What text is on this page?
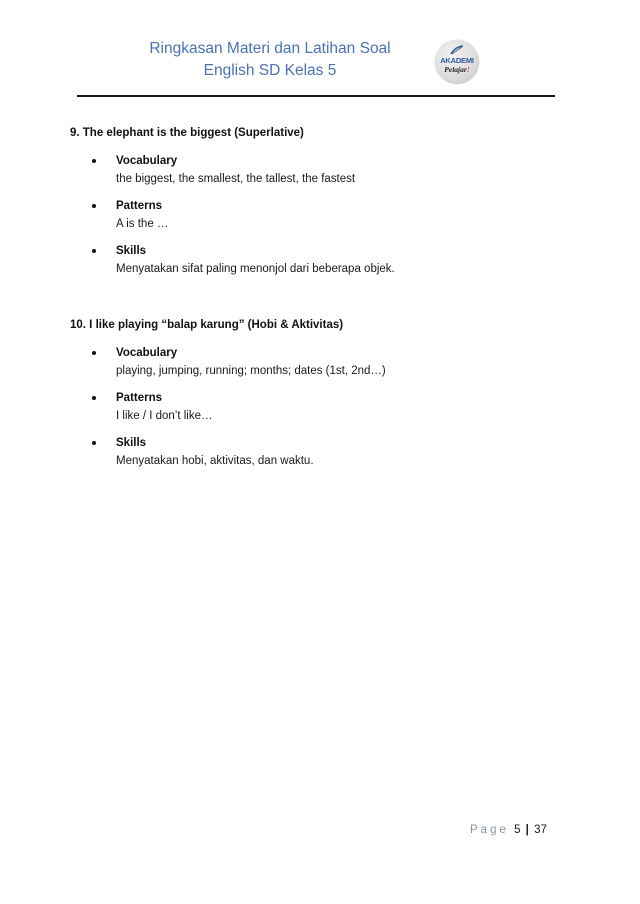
Ringkasan Materi dan Latihan Soal
English SD Kelas 5
AKADEMI
Pelajar!
9. The elephant is the biggest (Superlative)
Vocabulary
the biggest, the smallest, the tallest, the fastest
Patterns
A is the …
Skills
Menyatakan sifat paling menonjol dari beberapa objek.
10. I like playing “balap karung” (Hobi & Aktivitas)
Vocabulary
playing, jumping, running; months; dates (1st, 2nd…)
Patterns
I like / I don’t like…
Skills
Menyatakan hobi, aktivitas, dan waktu.
Page 5 | 37
